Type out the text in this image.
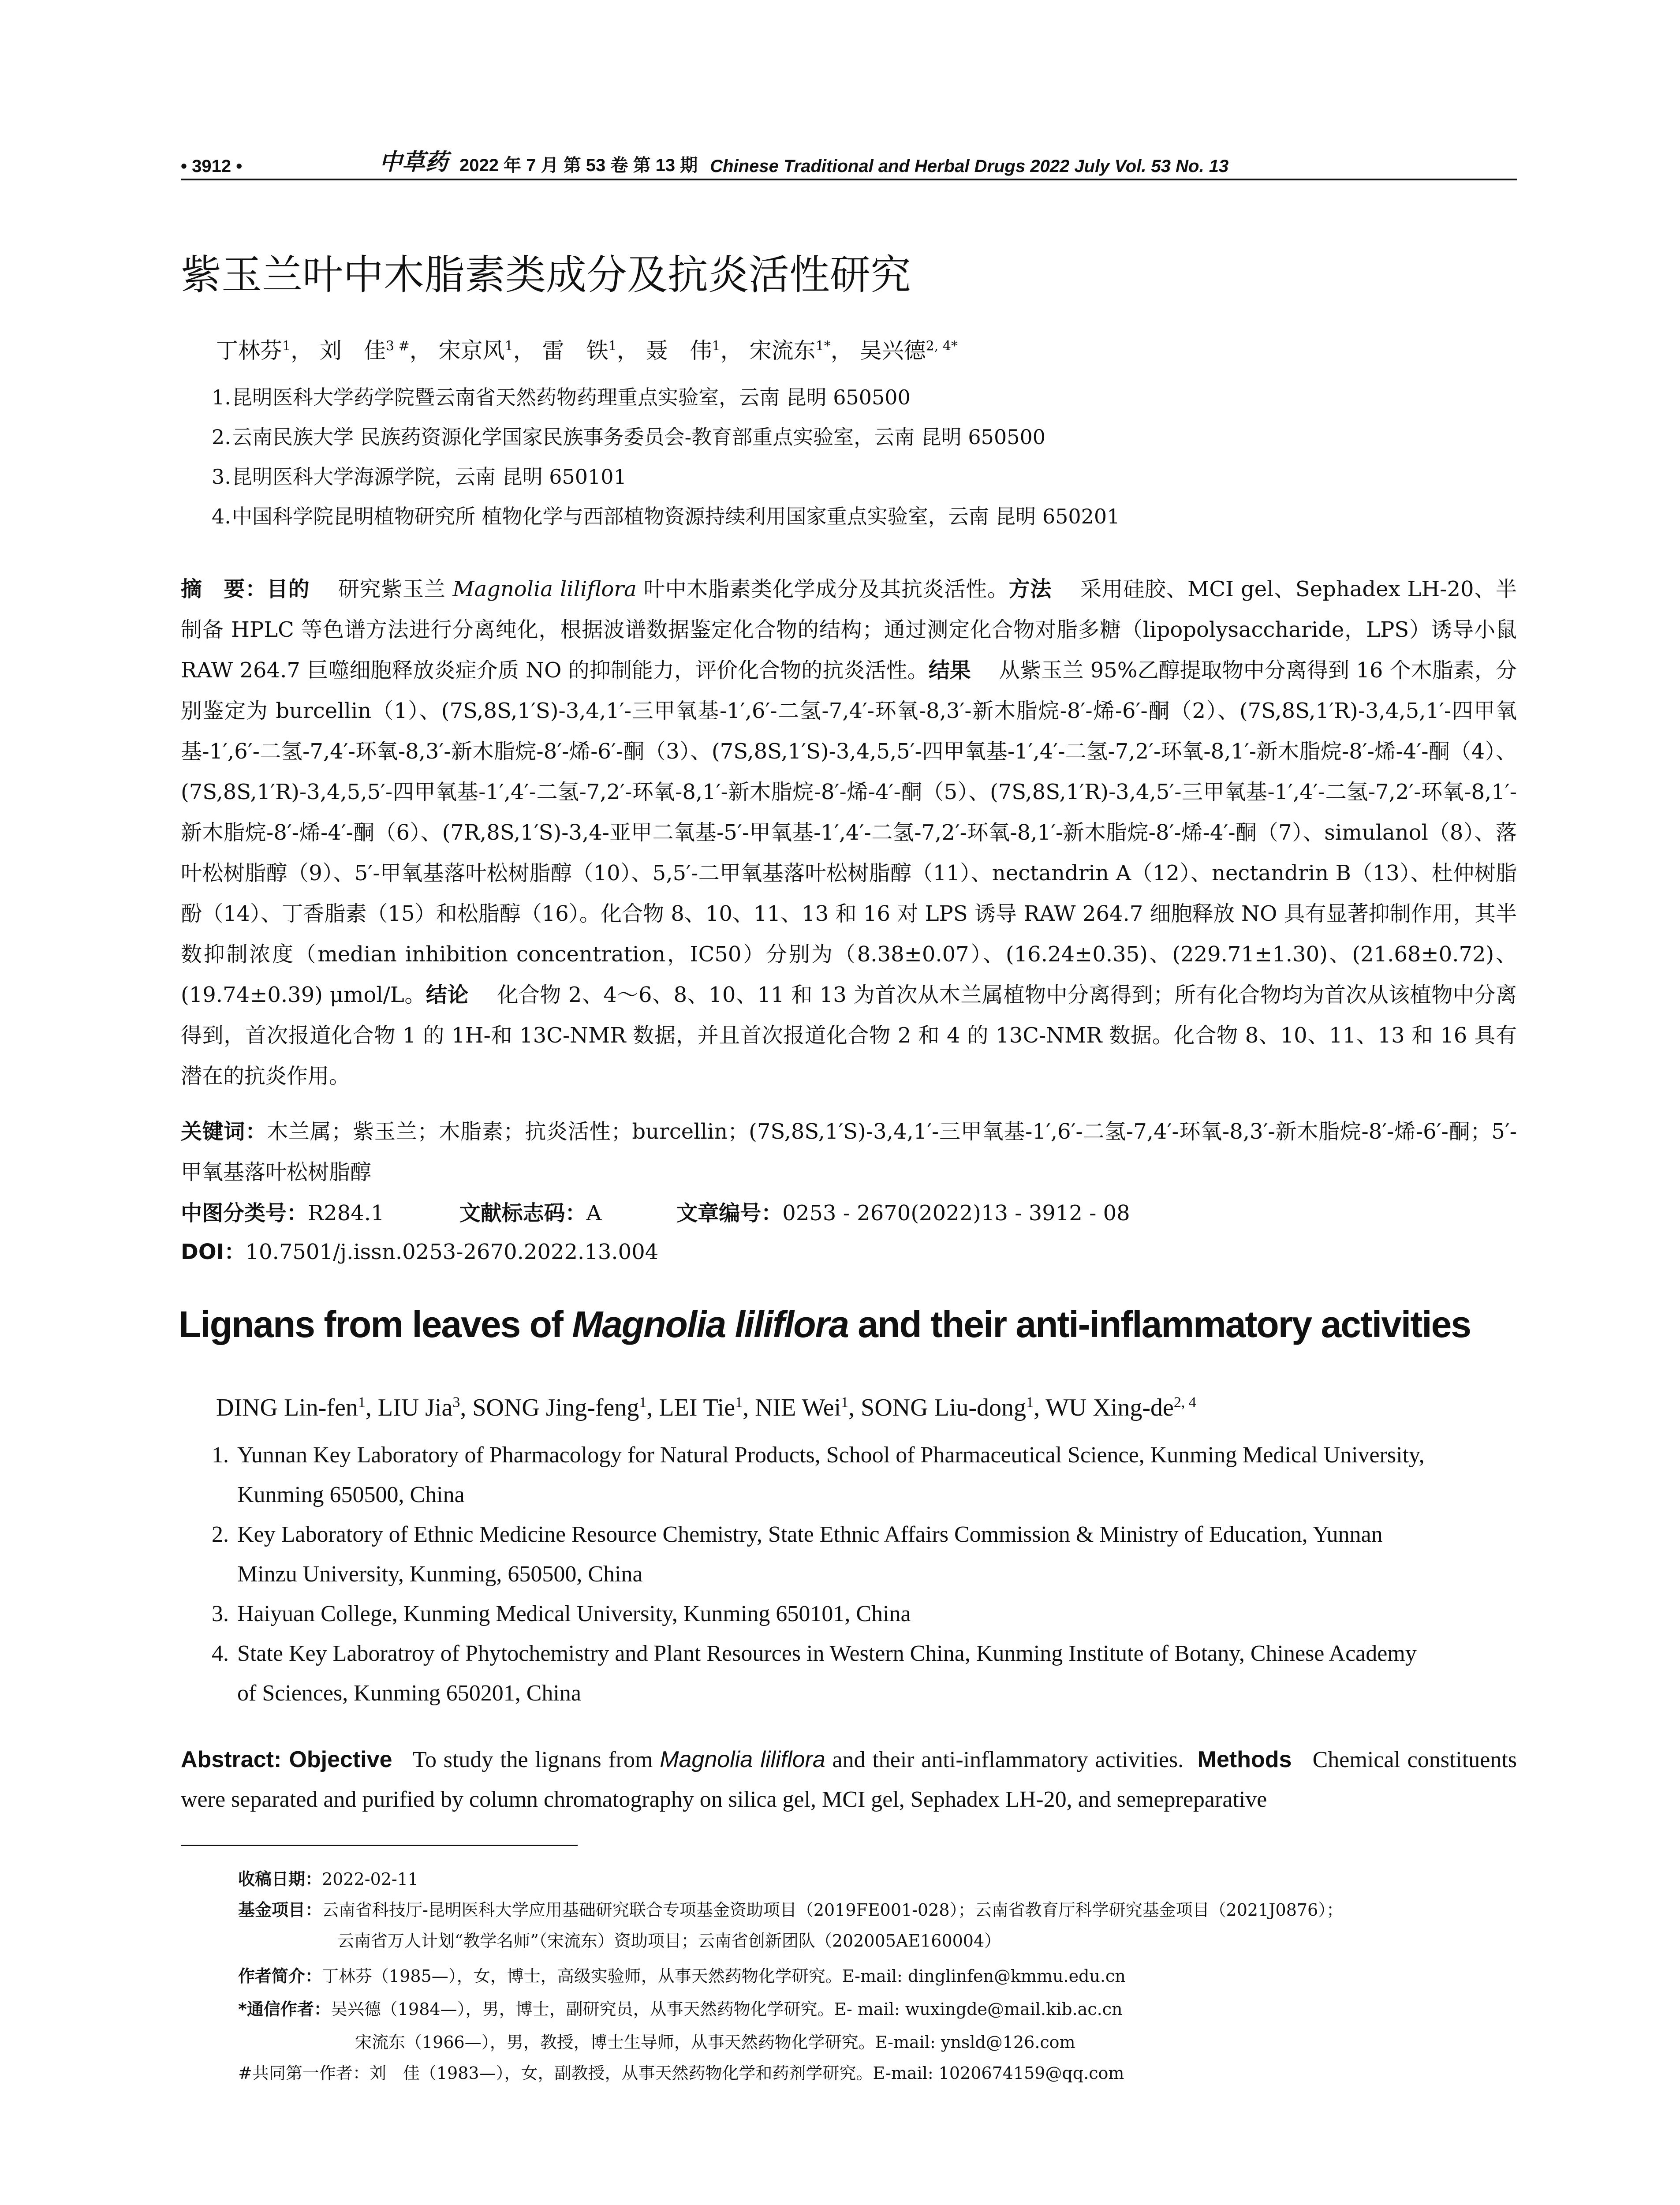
• 3912 •	中草药 2022 年 7 月 第 53 卷 第 13 期 Chinese Traditional and Herbal Drugs 2022 July Vol. 53 No. 13
紫玉兰叶中木脂素类成分及抗炎活性研究
丁林芬$^1$， 刘　佳$^{3 \#}$， 宋京风$^1$， 雷　铁$^1$， 聂　伟$^1$， 宋流东$^{1*}$， 吴兴德$^{2, 4*}$
1.昆明医科大学药学院暨云南省天然药物药理重点实验室，云南 昆明 650500
2.云南民族大学 民族药资源化学国家民族事务委员会-教育部重点实验室，云南 昆明 650500
3.昆明医科大学海源学院，云南 昆明 650101
4.中国科学院昆明植物研究所 植物化学与西部植物资源持续利用国家重点实验室，云南 昆明 650201
摘　要：目的　 研究紫玉兰 Magnolia liliflora 叶中木脂素类化学成分及其抗炎活性。方法　 采用硅胶、MCI gel、Sephadex LH-20、半制备 HPLC 等色谱方法进行分离纯化，根据波谱数据鉴定化合物的结构；通过测定化合物对脂多糖（lipopolysaccharide，LPS）诱导小鼠 RAW 264.7 巨噬细胞释放炎症介质 NO 的抑制能力，评价化合物的抗炎活性。结果　 从紫玉兰 95%乙醇提取物中分离得到 16 个木脂素，分别鉴定为 burcellin（1）、(7S,8S,1′S)-3,4,1′-三甲氧基-1′,6′-二氢-7,4′-环氧-8,3′-新木脂烷-8′-烯-6′-酮（2）、(7S,8S,1′R)-3,4,5,1′-四甲氧基-1′,6′-二氢-7,4′-环氧-8,3′-新木脂烷-8′-烯-6′-酮（3）、(7S,8S,1′S)-3,4,5,5′-四甲氧基-1′,4′-二氢-7,2′-环氧-8,1′-新木脂烷-8′-烯-4′-酮（4）、(7S,8S,1′R)-3,4,5,5′-四甲氧基-1′,4′-二氢-7,2′-环氧-8,1′-新木脂烷-8′-烯-4′-酮（5）、(7S,8S,1′R)-3,4,5′-三甲氧基-1′,4′-二氢-7,2′-环氧-8,1′-新木脂烷-8′-烯-4′-酮（6）、(7R,8S,1′S)-3,4-亚甲二氧基-5′-甲氧基-1′,4′-二氢-7,2′-环氧-8,1′-新木脂烷-8′-烯-4′-酮（7）、simulanol（8）、落叶松树脂醇（9）、5′-甲氧基落叶松树脂醇（10）、5,5′-二甲氧基落叶松树脂醇（11）、nectandrin A（12）、nectandrin B（13）、杜仲树脂酚（14）、丁香脂素（15）和松脂醇（16）。化合物 8、10、11、13 和 16 对 LPS 诱导 RAW 264.7 细胞释放 NO 具有显著抑制作用，其半数抑制浓度（median inhibition concentration，IC50）分别为（8.38±0.07）、(16.24±0.35)、(229.71±1.30)、(21.68±0.72)、(19.74±0.39) μmol/L。结论　 化合物 2、4～6、8、10、11 和 13 为首次从木兰属植物中分离得到；所有化合物均为首次从该植物中分离得到，首次报道化合物 1 的 1H-和 13C-NMR 数据，并且首次报道化合物 2 和 4 的 13C-NMR 数据。化合物 8、10、11、13 和 16 具有潜在的抗炎作用。
关键词：木兰属；紫玉兰；木脂素；抗炎活性；burcellin；(7S,8S,1′S)-3,4,1′-三甲氧基-1′,6′-二氢-7,4′-环氧-8,3′-新木脂烷-8′-烯-6′-酮；5′-甲氧基落叶松树脂醇
中图分类号：R284.1	文献标志码：A	文章编号：0253 - 2670(2022)13 - 3912 - 08
DOI：10.7501/j.issn.0253-2670.2022.13.004
Lignans from leaves of Magnolia liliflora and their anti-inflammatory activities
DING Lin-fen$^1$, LIU Jia$^3$, SONG Jing-feng$^1$, LEI Tie$^1$, NIE Wei$^1$, SONG Liu-dong$^1$, WU Xing-de$^{2, 4}$
1. Yunnan Key Laboratory of Pharmacology for Natural Products, School of Pharmaceutical Science, Kunming Medical University,
Kunming 650500, China
2. Key Laboratory of Ethnic Medicine Resource Chemistry, State Ethnic Affairs Commission & Ministry of Education, Yunnan
Minzu University, Kunming, 650500, China
3. Haiyuan College, Kunming Medical University, Kunming 650101, China
4. State Key Laboratroy of Phytochemistry and Plant Resources in Western China, Kunming Institute of Botany, Chinese Academy
of Sciences, Kunming 650201, China
Abstract: Objective To study the lignans from Magnolia liliflora and their anti-inflammatory activities. Methods Chemical constituents were separated and purified by column chromatography on silica gel, MCI gel, Sephadex LH-20, and semepreparative
收稿日期：2022-02-11
基金项目：云南省科技厅-昆明医科大学应用基础研究联合专项基金资助项目（2019FE001-028）；云南省教育厅科学研究基金项目（2021J0876）；
云南省万人计划“教学名师”（宋流东）资助项目；云南省创新团队（202005AE160004）
作者简介：丁林芬（1985—），女，博士，高级实验师，从事天然药物化学研究。E-mail: dinglinfen@kmmu.edu.cn
*通信作者：吴兴德（1984—），男，博士，副研究员，从事天然药物化学研究。E- mail: wuxingde@mail.kib.ac.cn
宋流东（1966—），男，教授，博士生导师，从事天然药物化学研究。E-mail: ynsld@126.com
#共同第一作者：刘　佳（1983—），女，副教授，从事天然药物化学和药剂学研究。E-mail: 1020674159@qq.com
